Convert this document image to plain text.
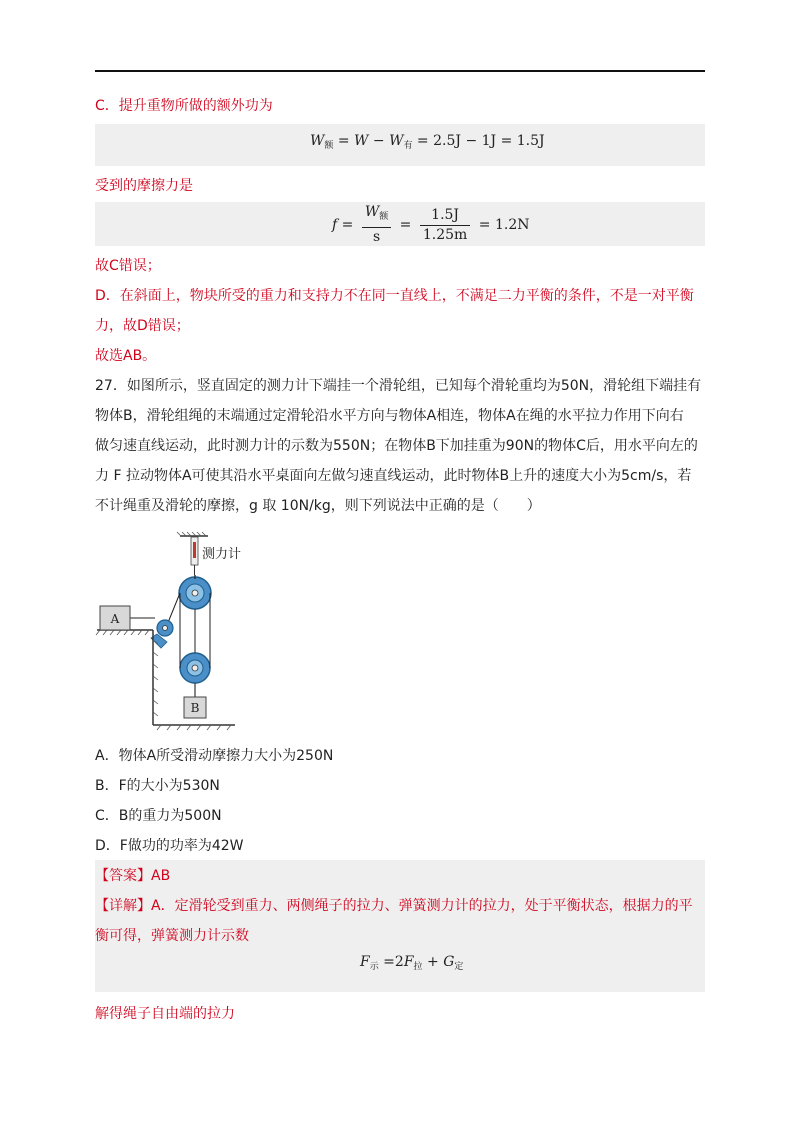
C．提升重物所做的额外功为
$W_额 = W - W_有 = 2.5J - 1J = 1.5J$
受到的摩擦力是
$f = \frac{W_额}{s} = \frac{1.5J}{1.25m} = 1.2N$
故C错误；
D．在斜面上，物块所受的重力和支持力不在同一直线上，不满足二力平衡的条件，不是一对平衡
力，故D错误；
故选AB。
27．如图所示，竖直固定的测力计下端挂一个滑轮组，已知每个滑轮重均为50N，滑轮组下端挂有
物体B，滑轮组绳的末端通过定滑轮沿水平方向与物体A相连，物体A在绳的水平拉力作用下向右
做匀速直线运动，此时测力计的示数为550N；在物体B下加挂重为90N的物体C后，用水平向左的
力 F 拉动物体A可使其沿水平桌面向左做匀速直线运动，此时物体B上升的速度大小为5cm/s，若
不计绳重及滑轮的摩擦，g 取 10N/kg，则下列说法中正确的是（　　）
测力计
A
B
A．物体A所受滑动摩擦力大小为250N
B．F的大小为530N
C．B的重力为500N
D．F做功的功率为42W
【答案】AB
【详解】A．定滑轮受到重力、两侧绳子的拉力、弹簧测力计的拉力，处于平衡状态，根据力的平
衡可得，弹簧测力计示数
$F_示 =2F_拉 + G_定$
解得绳子自由端的拉力
